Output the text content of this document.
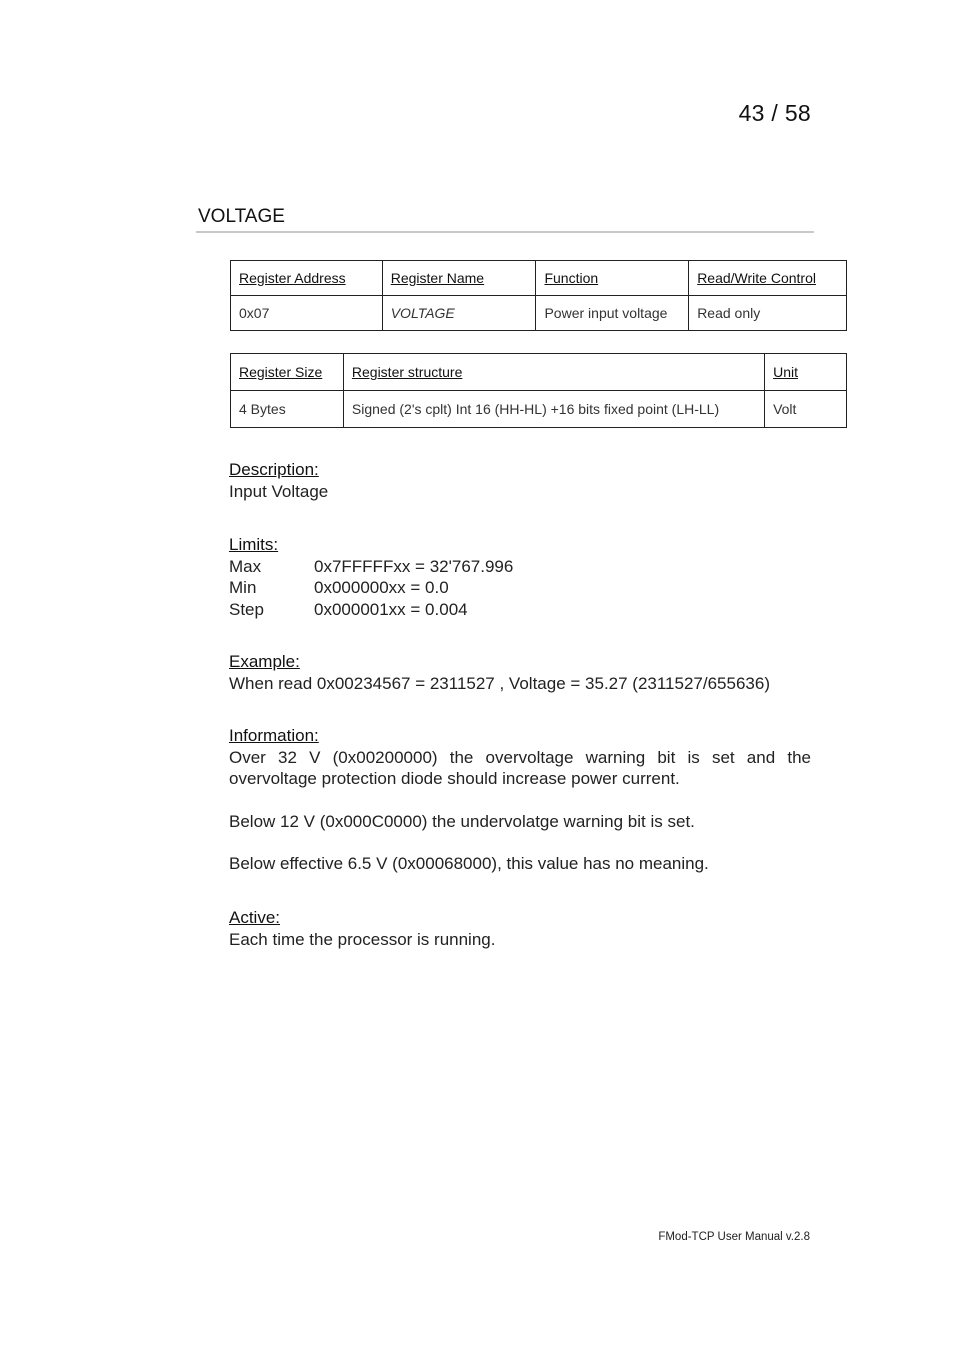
43 / 58
VOLTAGE
Register Address	Register Name	Function	Read/Write Control
0x07	VOLTAGE	Power input voltage	Read only
Register Size	Register structure	Unit
4 Bytes	Signed (2's cplt) Int 16 (HH-HL) +16 bits fixed point (LH-LL)	Volt
Description:
Input Voltage
Limits:
Max	0x7FFFFFxx = 32'767.996
Min	0x000000xx = 0.0
Step	0x000001xx = 0.004
Example:
When read 0x00234567 = 2311527 , Voltage = 35.27 (2311527/655636)
Information:
Over 32 V (0x00200000) the overvoltage warning bit is set and the overvoltage protection diode should increase power current.
Below 12 V (0x000C0000) the undervolatge warning bit is set.
Below effective 6.5 V (0x00068000), this value has no meaning.
Active:
Each time the processor is running.
FMod-TCP User Manual v.2.8
